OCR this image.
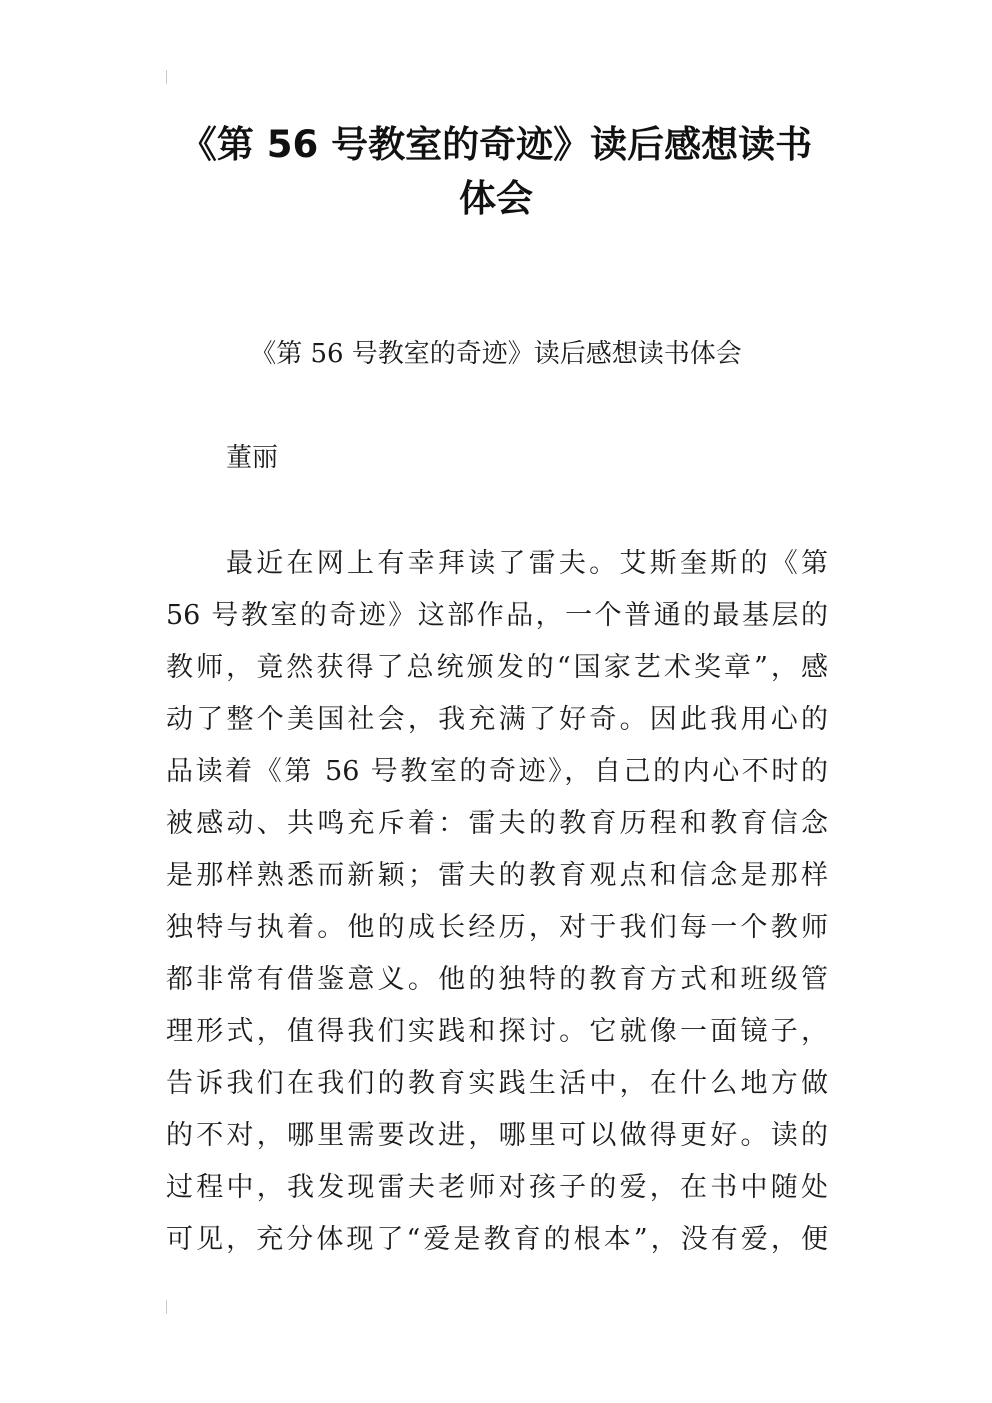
《第 56 号教室的奇迹》读后感想读书
体会
《第 56 号教室的奇迹》读后感想读书体会
董丽
最近在网上有幸拜读了雷夫。艾斯奎斯的《第
56 号教室的奇迹》这部作品，一个普通的最基层的
教师，竟然获得了总统颁发的“国家艺术奖章”，感
动了整个美国社会，我充满了好奇。因此我用心的
品读着《第 56 号教室的奇迹》，自己的内心不时的
被感动、共鸣充斥着：雷夫的教育历程和教育信念
是那样熟悉而新颖；雷夫的教育观点和信念是那样
独特与执着。他的成长经历，对于我们每一个教师
都非常有借鉴意义。他的独特的教育方式和班级管
理形式，值得我们实践和探讨。它就像一面镜子，
告诉我们在我们的教育实践生活中，在什么地方做
的不对，哪里需要改进，哪里可以做得更好。读的
过程中，我发现雷夫老师对孩子的爱，在书中随处
可见，充分体现了“爱是教育的根本”，没有爱，便
